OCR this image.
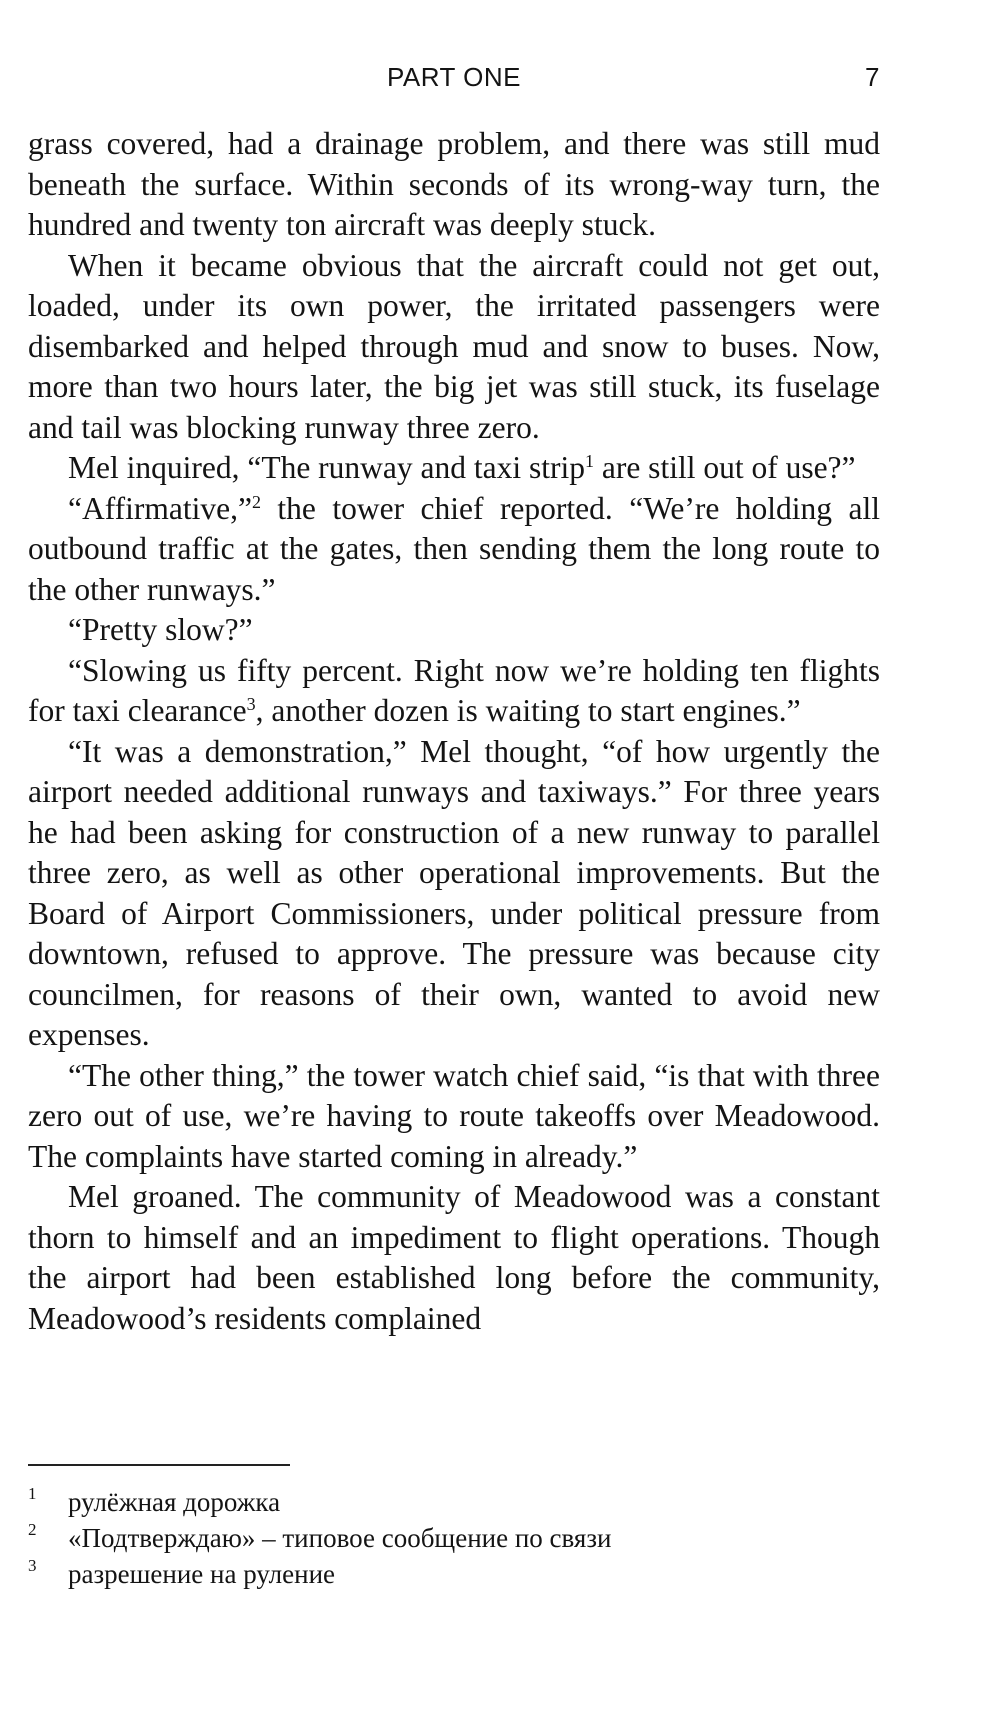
PART ONE	7

grass covered, had a drainage problem, and there was still mud beneath the surface. Within seconds of its wrong-way turn, the hundred and twenty ton aircraft was deeply stuck.

When it became obvious that the aircraft could not get out, loaded, under its own power, the irritated passengers were disembarked and helped through mud and snow to buses. Now, more than two hours later, the big jet was still stuck, its fuselage and tail was blocking runway three zero.

Mel inquired, “The runway and taxi strip$^1$ are still out of use?”

“Affirmative,”$^2$ the tower chief reported. “We’re holding all outbound traffic at the gates, then sending them the long route to the other runways.”

“Pretty slow?”

“Slowing us fifty percent. Right now we’re holding ten flights for taxi clearance$^3$, another dozen is waiting to start engines.”

“It was a demonstration,” Mel thought, “of how urgently the airport needed additional runways and taxiways.” For three years he had been asking for construction of a new runway to parallel three zero, as well as other operational improvements. But the Board of Airport Commissioners, under political pressure from downtown, refused to approve. The pressure was because city councilmen, for reasons of their own, wanted to avoid new expenses.

“The other thing,” the tower watch chief said, “is that with three zero out of use, we’re having to route takeoffs over Meadowood. The complaints have started coming in already.”

Mel groaned. The community of Meadowood was a constant thorn to himself and an impediment to flight operations. Though the airport had been established long before the community, Meadowood’s residents complained

1 рулёжная дорожка
2 «Подтверждаю» – типовое сообщение по связи
3 разрешение на руление
